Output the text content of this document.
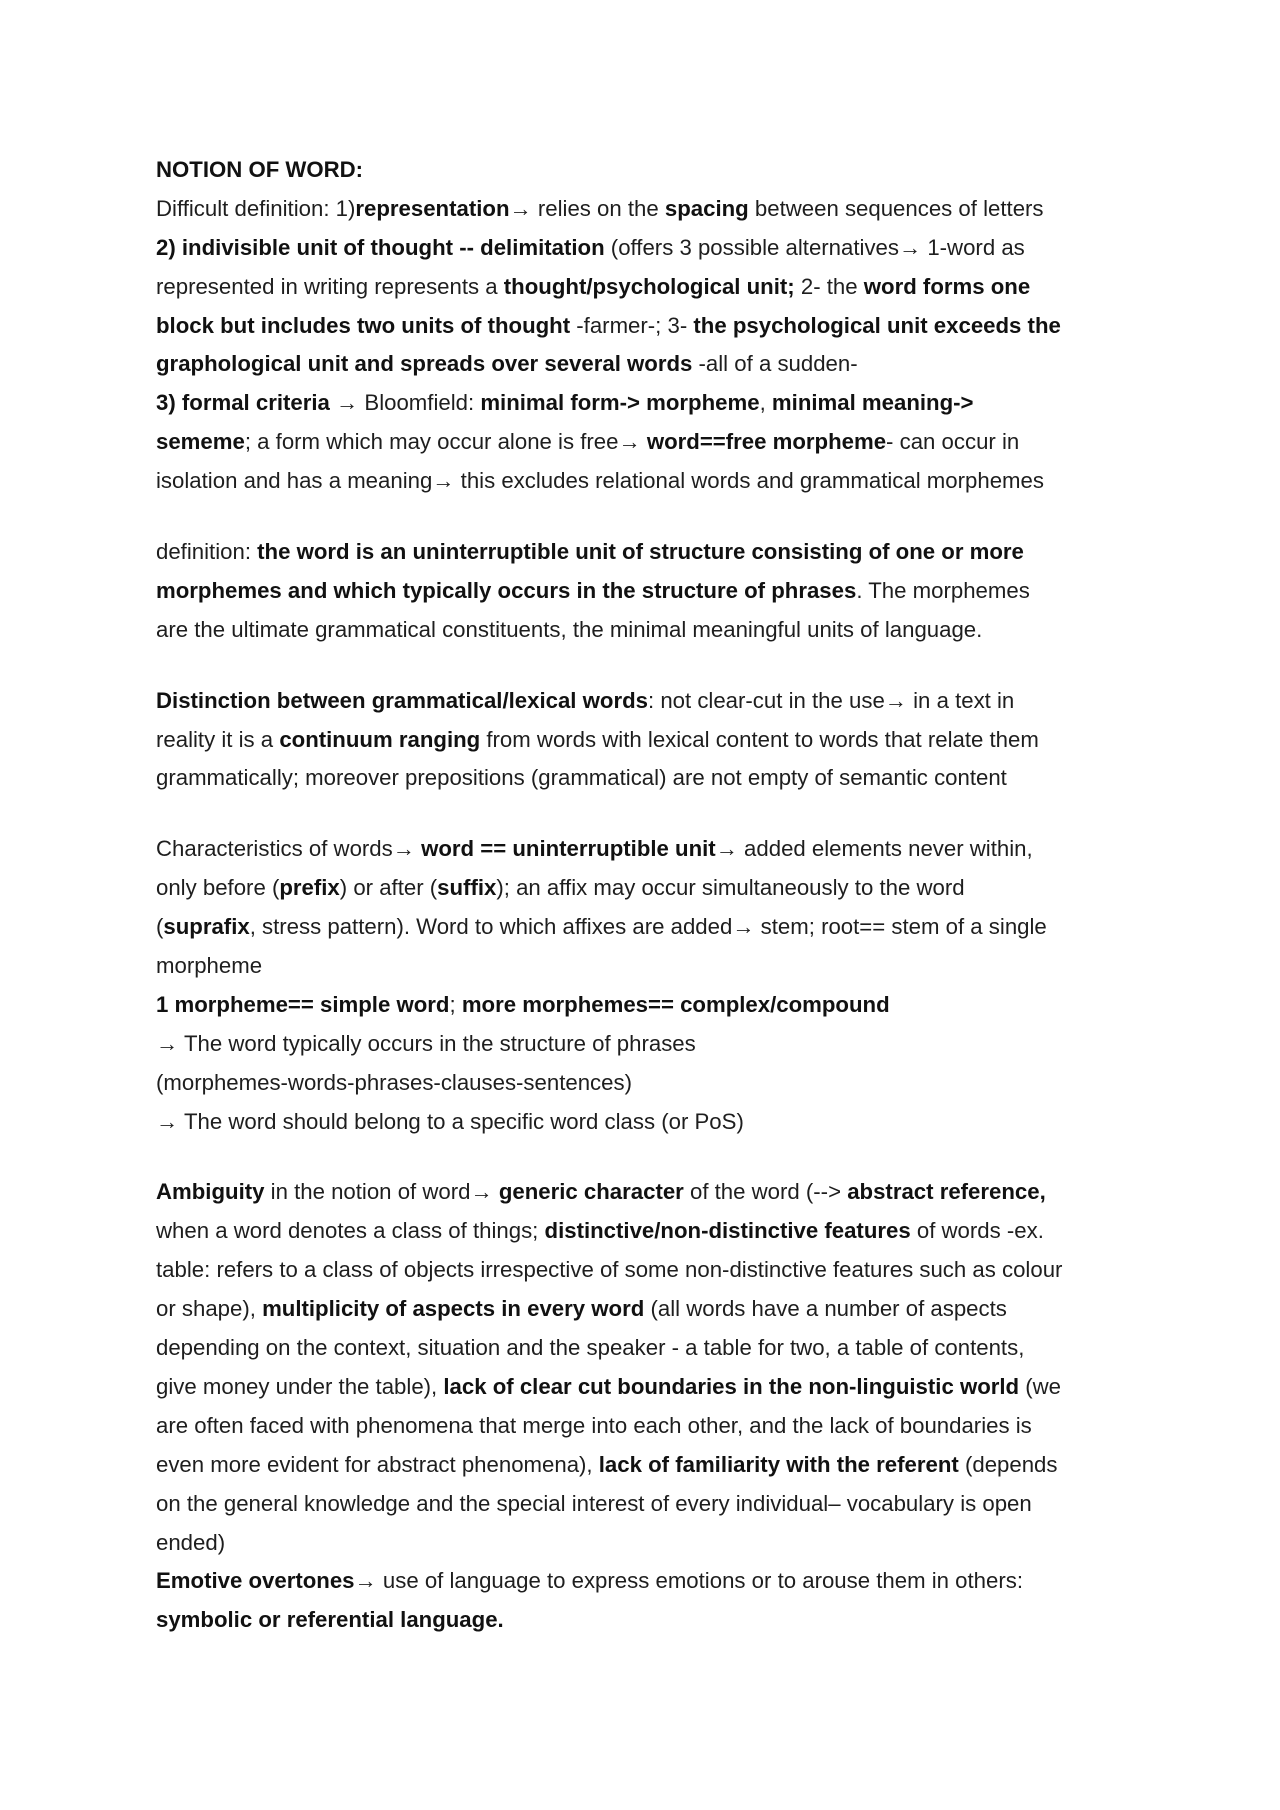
NOTION OF WORD:
Difficult definition: 1)representation→ relies on the spacing between sequences of letters
2) indivisible unit of thought -- delimitation (offers 3 possible alternatives→ 1-word as
represented in writing represents a thought/psychological unit; 2- the word forms one
block but includes two units of thought -farmer-; 3- the psychological unit exceeds the
graphological unit and spreads over several words -all of a sudden-
3) formal criteria → Bloomfield: minimal form-> morpheme, minimal meaning->
sememe; a form which may occur alone is free→ word==free morpheme- can occur in
isolation and has a meaning→ this excludes relational words and grammatical morphemes
definition: the word is an uninterruptible unit of structure consisting of one or more
morphemes and which typically occurs in the structure of phrases. The morphemes
are the ultimate grammatical constituents, the minimal meaningful units of language.
Distinction between grammatical/lexical words: not clear-cut in the use→ in a text in
reality it is a continuum ranging from words with lexical content to words that relate them
grammatically; moreover prepositions (grammatical) are not empty of semantic content
Characteristics of words→ word == uninterruptible unit→ added elements never within,
only before (prefix) or after (suffix); an affix may occur simultaneously to the word
(suprafix, stress pattern). Word to which affixes are added→ stem; root== stem of a single
morpheme
1 morpheme== simple word; more morphemes== complex/compound
→ The word typically occurs in the structure of phrases
(morphemes-words-phrases-clauses-sentences)
→ The word should belong to a specific word class (or PoS)
Ambiguity in the notion of word→ generic character of the word (--> abstract reference,
when a word denotes a class of things; distinctive/non-distinctive features of words -ex.
table: refers to a class of objects irrespective of some non-distinctive features such as colour
or shape), multiplicity of aspects in every word (all words have a number of aspects
depending on the context, situation and the speaker - a table for two, a table of contents,
give money under the table), lack of clear cut boundaries in the non-linguistic world (we
are often faced with phenomena that merge into each other, and the lack of boundaries is
even more evident for abstract phenomena), lack of familiarity with the referent (depends
on the general knowledge and the special interest of every individual– vocabulary is open
ended)
Emotive overtones→ use of language to express emotions or to arouse them in others:
symbolic or referential language.
